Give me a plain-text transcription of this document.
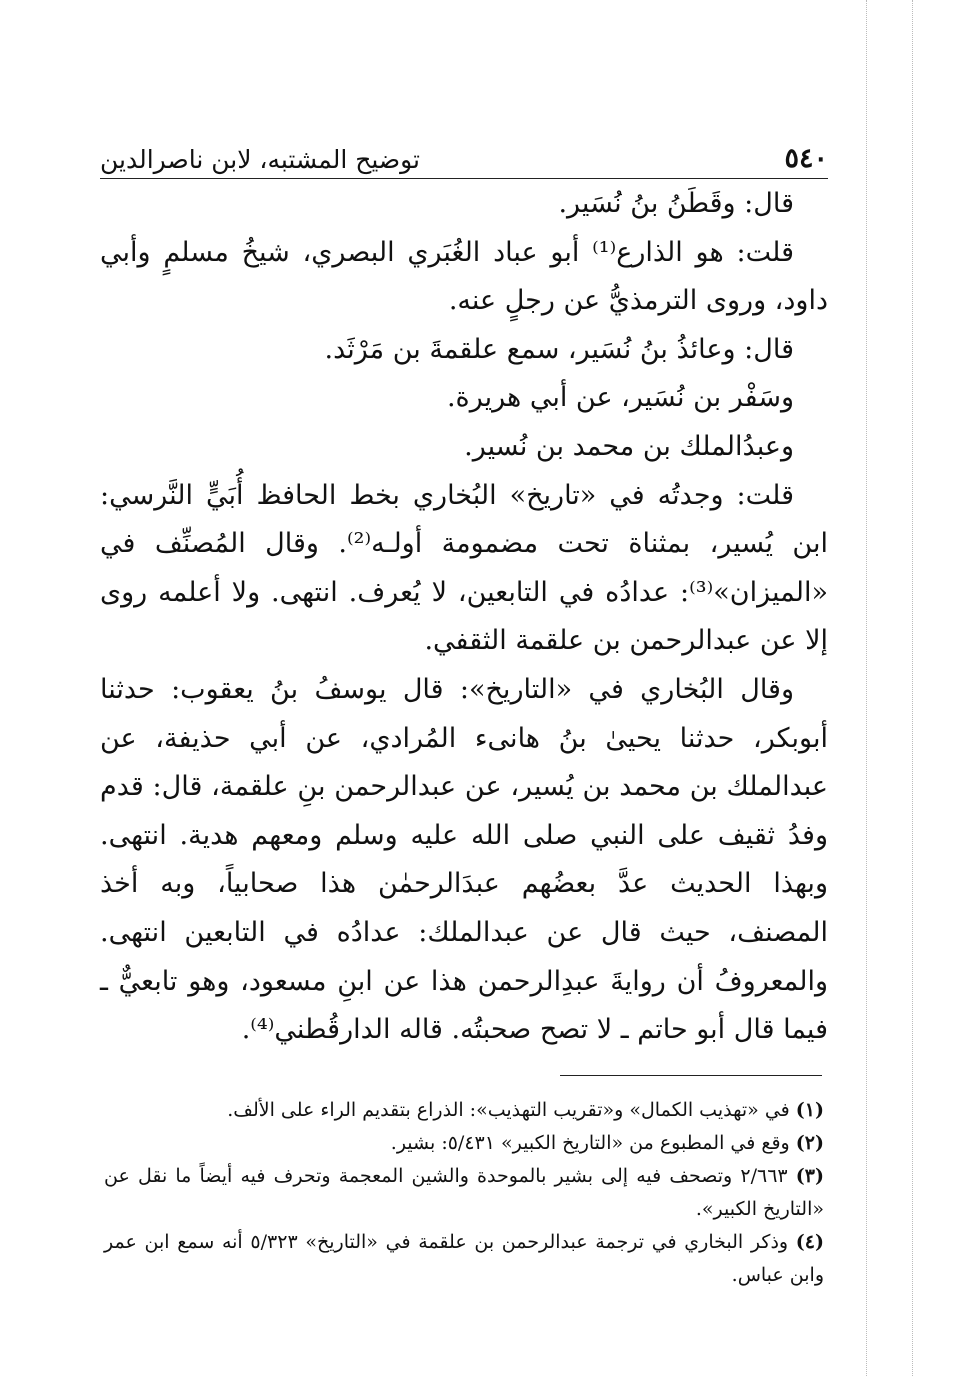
٥٤٠
توضيح المشتبه، لابن ناصرالدين

قال: وقَطَنُ بنُ نُسَير.

قلت: هو الذارع⁽¹⁾ أبو عباد الغُبَري البصري، شيخُ مسلمٍ وأبي داود، وروى الترمذيُّ عن رجلٍ عنه.

قال: وعائذُ بنُ نُسَير، سمع علقمةَ بن مَرْثَد.

وسَفْر بن نُسَير، عن أبي هريرة.

وعبدُالملك بن محمد بن نُسير.

قلت: وجدتُه في «تاريخ» البُخاري بخط الحافظ أُبَيٍّ النَّرسي: ابن يُسير، بمثناة تحت مضمومة أولـه⁽²⁾. وقال المُصنِّف في «الميزان»⁽³⁾: عدادُه في التابعين، لا يُعرف. انتهى. ولا أعلمه روى إلا عن عبدالرحمن بن علقمة الثقفي.

وقال البُخاري في «التاريخ»: قال يوسفُ بنُ يعقوب: حدثنا أبوبكر، حدثنا يحيىٰ بنُ هانىء المُرادي، عن أبي حذيفة، عن عبدالملك بن محمد بن يُسير، عن عبدالرحمن بنِ علقمة، قال: قدم وفدُ ثقيف على النبي صلى الله عليه وسلم ومعهم هدية. انتهى. وبهذا الحديث عدَّ بعضُهم عبدَالرحمٰن هذا صحابياً، وبه أخذ المصنف، حيث قال عن عبدالملك: عدادُه في التابعين انتهى. والمعروفُ أن روايةَ عبدِالرحمن هذا عن ابنِ مسعود، وهو تابعيٌّ ـ فيما قال أبو حاتم ـ لا تصح صحبتُه. قاله الدارقُطني⁽⁴⁾.

(١) في «تهذيب الكمال» و«تقريب التهذيب»: الذراع بتقديم الراء على الألف.

(٢) وقع في المطبوع من «التاريخ الكبير» ٥/٤٣١: بشير.

(٣) ٢/٦٦٣ وتصحف فيه إلى بشير بالموحدة والشين المعجمة وتحرف فيه أيضاً ما نقل عن «التاريخ الكبير».

(٤) وذكر البخاري في ترجمة عبدالرحمن بن علقمة في «التاريخ» ٥/٣٢٣ أنه سمع ابن عمر وابن عباس.
